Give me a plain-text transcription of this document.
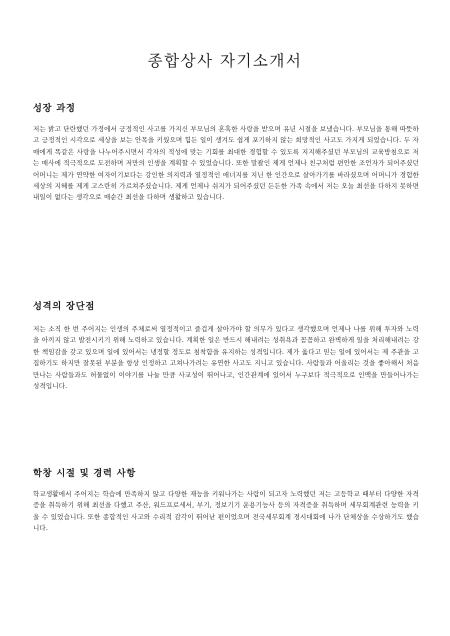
종합상사 자기소개서
성장 과정
저는 밝고 단란했던 가정에서 긍정적인 사고를 가지신 부모님의 혼혹한 사랑을 받으며 유년 시절을 보냈습니다. 부모님을 통해 따뜻하고 긍정적인 시각으로 세상을 보는 안목을 키웠으며 힘든 일이 생겨도 쉽게 포기하지 않는 희망적인 사고도 가지게 되었습니다. 두 자매에게 똑같은 사랑을 나누어주시면서 각자의 적성에 맞는 기회를 최대한 경험할 수 있도록 지지해주셨던 부모님의 교육방침으로 저는 매사에 적극적으로 도전하며 저만의 인생을 계획할 수 있었습니다. 또한 말괄인 제게 언제나 친구처럼 편안한 조언자가 되어주셨던 어머니는 제가 연약한 여자이기보다는 강인한 의지력과 열정적인 에너지를 지닌 한 인간으로 살아가기를 바라셨으며 어머니가 경험한 세상의 지혜를 제게 고스란히 가르쳐주셨습니다. 제게 언제나 쉬지가 되어주셨던 든든한 가족 속에서 저는 오늘 최선을 다하지 못하면 내일이 없다는 생각으로 매순간 최선을 다하며 생활하고 있습니다.
성격의 장단점
저는 소직 한 번 주어지는 인생의 주체로써 열정적이고 즐겁게 살아가야 할 의무가 있다고 생각했으며 언제나 나를 위해 투자와 노력을 아끼지 않고 발전시키기 위해 노력하고 있습니다. 계획한 일은 반드시 해내려는 성취욕과 꼼꼼하고 완벽하게 일을 처리해내려는 강한 책임감을 갖고 있으며 일에 있어서는 냉정할 정도로 침착함을 유지하는 성격입니다. 제가 옳다고 믿는 일에 있어서는 제 주관을 고집하기도 하지만 잘못된 부분을 항상 인정하고 고쳐나가려는 유연한 사고도 지니고 있습니다. 사람들과 어울리는 것을 좋아해서 처음 만나는 사람들과도 허물없이 이야기를 나눌 만큼 사교성이 뛰어나고, 인간관계에 있어서 누구보다 적극적으로 인맥을 만들어나가는 성격입니다.
학창 시절 및 경력 사항
학교생활에서 주어지는 학습에 만족하지 않고 다양한 재능을 키워나가는 사람이 되고자 노력했던 저는 고등학교 때부터 다양한 자격증을 취득하기 위해 최선을 다했고 주산, 워드프로세서, 부기, 정보기기 운용기능사 등의 자격증을 취득하며 세무회계관련 능력을 키울 수 있었습니다. 또한 종합적인 사고와 수리적 감각이 뛰어난 편이었으며 전국세무회계 경시대회에 나가 단체상을 수상하기도 했습니다.
